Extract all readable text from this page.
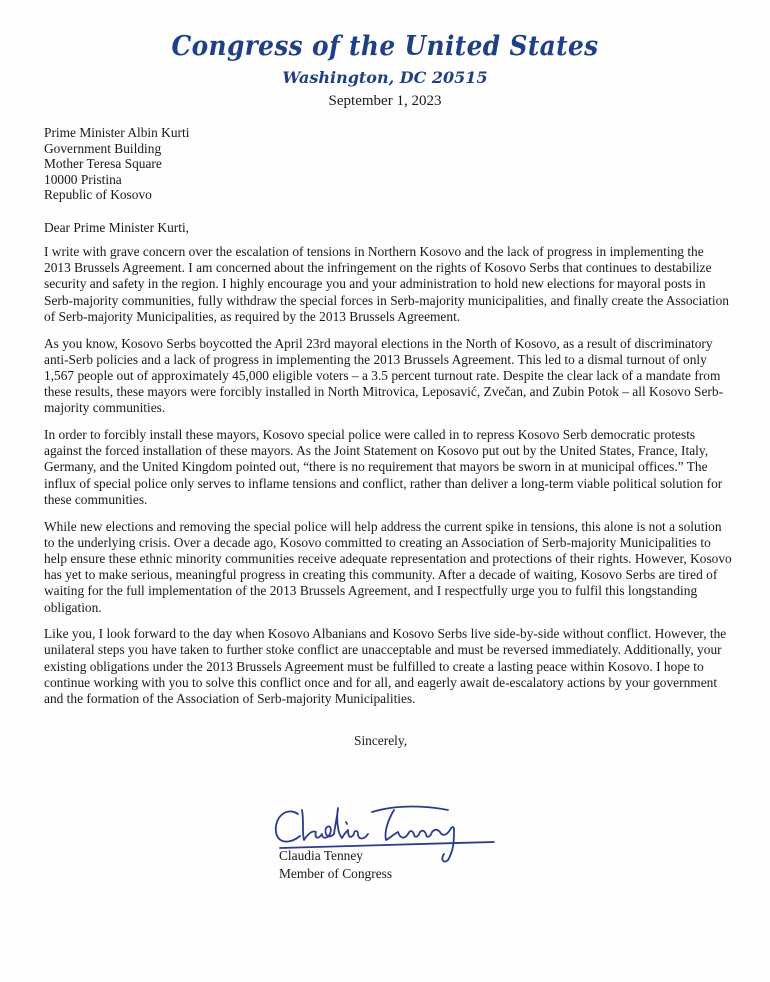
Congress of the United States
Washington, DC 20515
September 1, 2023
Prime Minister Albin Kurti
Government Building
Mother Teresa Square
10000 Pristina
Republic of Kosovo
Dear Prime Minister Kurti,

I write with grave concern over the escalation of tensions in Northern Kosovo and the lack of progress in implementing the 2013 Brussels Agreement. I am concerned about the infringement on the rights of Kosovo Serbs that continues to destabilize security and safety in the region. I highly encourage you and your administration to hold new elections for mayoral posts in Serb-majority communities, fully withdraw the special forces in Serb-majority municipalities, and finally create the Association of Serb-majority Municipalities, as required by the 2013 Brussels Agreement.

As you know, Kosovo Serbs boycotted the April 23rd mayoral elections in the North of Kosovo, as a result of discriminatory anti-Serb policies and a lack of progress in implementing the 2013 Brussels Agreement. This led to a dismal turnout of only 1,567 people out of approximately 45,000 eligible voters – a 3.5 percent turnout rate. Despite the clear lack of a mandate from these results, these mayors were forcibly installed in North Mitrovica, Leposavić, Zvečan, and Zubin Potok – all Kosovo Serb-majority communities.

In order to forcibly install these mayors, Kosovo special police were called in to repress Kosovo Serb democratic protests against the forced installation of these mayors. As the Joint Statement on Kosovo put out by the United States, France, Italy, Germany, and the United Kingdom pointed out, “there is no requirement that mayors be sworn in at municipal offices.” The influx of special police only serves to inflame tensions and conflict, rather than deliver a long-term viable political solution for these communities.

While new elections and removing the special police will help address the current spike in tensions, this alone is not a solution to the underlying crisis. Over a decade ago, Kosovo committed to creating an Association of Serb-majority Municipalities to help ensure these ethnic minority communities receive adequate representation and protections of their rights. However, Kosovo has yet to make serious, meaningful progress in creating this community. After a decade of waiting, Kosovo Serbs are tired of waiting for the full implementation of the 2013 Brussels Agreement, and I respectfully urge you to fulfil this longstanding obligation.

Like you, I look forward to the day when Kosovo Albanians and Kosovo Serbs live side-by-side without conflict. However, the unilateral steps you have taken to further stoke conflict are unacceptable and must be reversed immediately. Additionally, your existing obligations under the 2013 Brussels Agreement must be fulfilled to create a lasting peace within Kosovo. I hope to continue working with you to solve this conflict once and for all, and eagerly await de-escalatory actions by your government and the formation of the Association of Serb-majority Municipalities.

Sincerely,
Claudia Tenney
Member of Congress
